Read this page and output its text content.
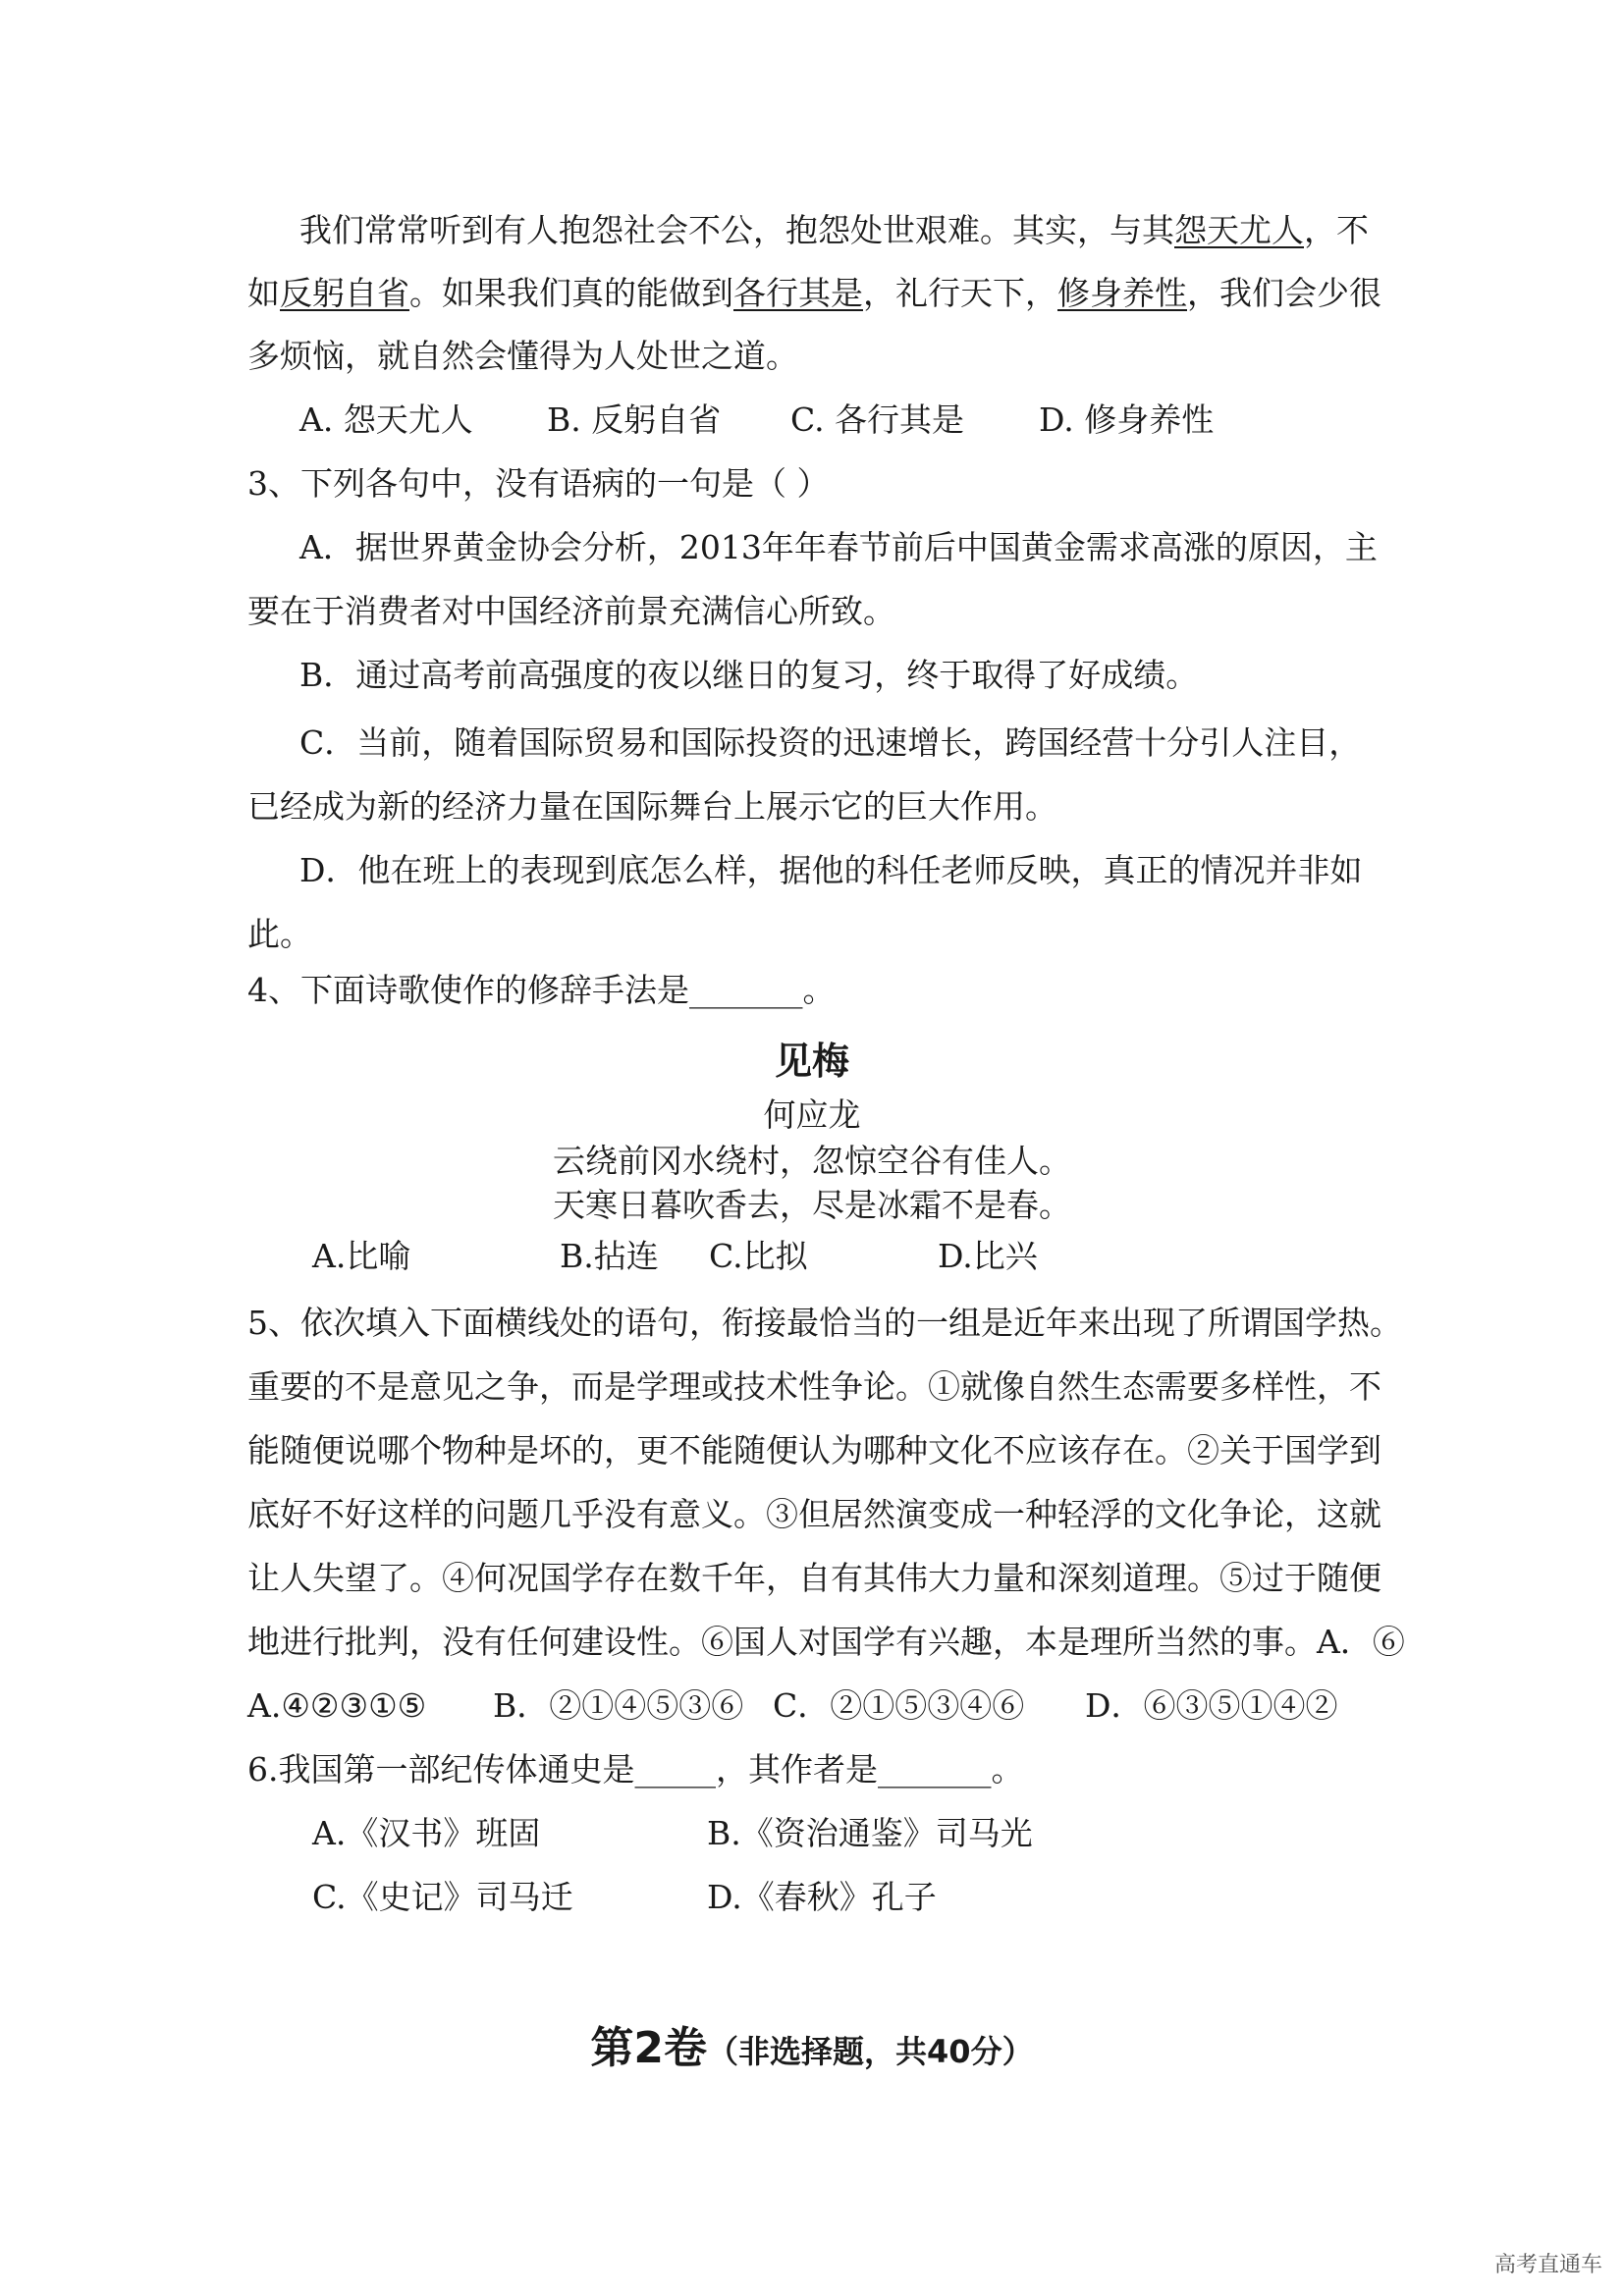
我们常常听到有人抱怨社会不公，抱怨处世艰难。其实，与其怨天尤人，不
如反躬自省。如果我们真的能做到各行其是，礼行天下，修身养性，我们会少很
多烦恼，就自然会懂得为人处世之道。
A. 怨天尤人 B. 反躬自省 C. 各行其是 D. 修身养性
3、下列各句中，没有语病的一句是（ ）
A．据世界黄金协会分析，2013年年春节前后中国黄金需求高涨的原因，主
要在于消费者对中国经济前景充满信心所致。
B．通过高考前高强度的夜以继日的复习，终于取得了好成绩。
C．当前，随着国际贸易和国际投资的迅速增长，跨国经营十分引人注目，
已经成为新的经济力量在国际舞台上展示它的巨大作用。
D．他在班上的表现到底怎么样，据他的科任老师反映，真正的情况并非如
此。
4、下面诗歌使作的修辞手法是_______。
见梅
何应龙
云绕前冈水绕村，忽惊空谷有佳人。
天寒日暮吹香去，尽是冰霜不是春。
A.比喻	B.拈连 C.比拟	D.比兴
5、依次填入下面横线处的语句，衔接最恰当的一组是近年来出现了所谓国学热。
重要的不是意见之争，而是学理或技术性争论。①就像自然生态需要多样性，不
能随便说哪个物种是坏的，更不能随便认为哪种文化不应该存在。②关于国学到
底好不好这样的问题几乎没有意义。③但居然演变成一种轻浮的文化争论，这就
让人失望了。④何况国学存在数千年，自有其伟大力量和深刻道理。⑤过于随便
地进行批判，没有任何建设性。⑥国人对国学有兴趣，本是理所当然的事。A．⑥
A.④②③①⑤ B．②①④⑤③⑥ C．②①⑤③④⑥ D．⑥③⑤①④②
6.我国第一部纪传体通史是_____，其作者是_______。
A.《汉书》班固	B.《资治通鉴》司马光
C.《史记》司马迁	D.《春秋》孔子
第2卷（非选择题，共40分）
高考直通车
